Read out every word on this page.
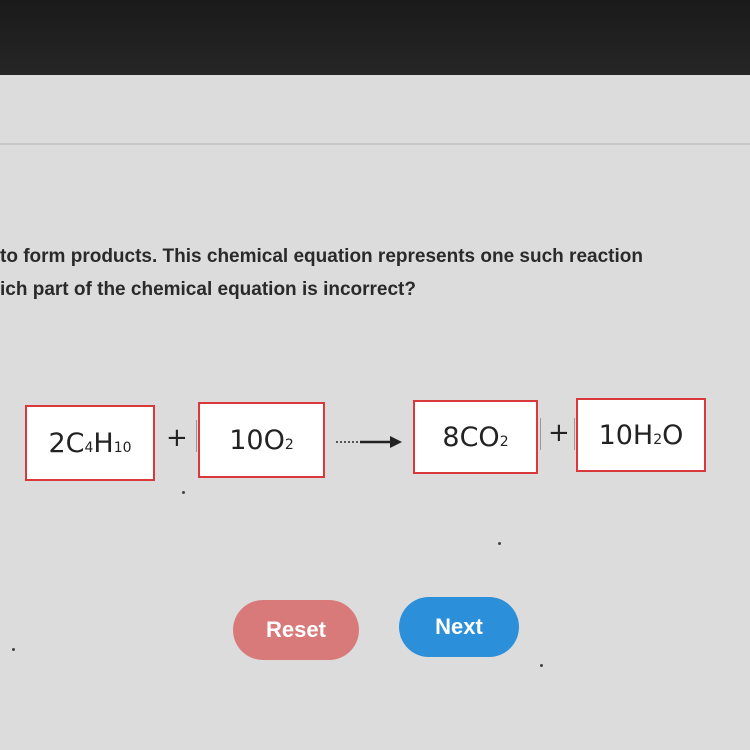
to form products. This chemical equation represents one such reaction
ich part of the chemical equation is incorrect?
$2C_4$ $H_{10} + 10O_2$	$8CO_2 + 10H_2$ O
Reset	Next
